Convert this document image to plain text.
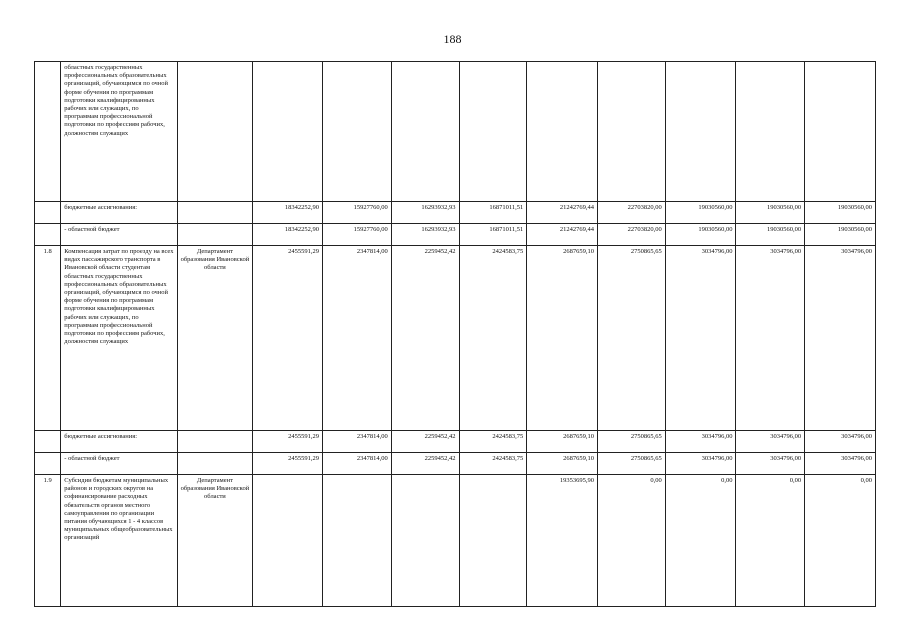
188
	областных государственных профессиональных образовательных организаций, обучающимся по очной форме обучения по программам подготовки квалифицированных рабочих или служащих, по программам профессиональной подготовки по профессиям рабочих, должностям служащих										
	бюджетные ассигнования:		18342252,90	15927760,00	16293932,93	16871011,51	21242769,44	22703820,00	19030560,00	19030560,00	19030560,00
	- областной бюджет		18342252,90	15927760,00	16293932,93	16871011,51	21242769,44	22703820,00	19030560,00	19030560,00	19030560,00
1.8	Компенсация затрат по проезду на всех видах пассажирского транспорта в Ивановской области студентам областных государственных профессиональных образовательных организаций, обучающимся по очной форме обучения по программам подготовки квалифицированных рабочих или служащих, по программам профессиональной подготовки по профессиям рабочих, должностям служащих	Департамент образования Ивановской области	2455591,29	2347814,00	2259452,42	2424583,75	2687659,10	2750865,65	3034796,00	3034796,00	3034796,00
	бюджетные ассигнования:		2455591,29	2347814,00	2259452,42	2424583,75	2687659,10	2750865,65	3034796,00	3034796,00	3034796,00
	- областной бюджет		2455591,29	2347814,00	2259452,42	2424583,75	2687659,10	2750865,65	3034796,00	3034796,00	3034796,00
1.9	Субсидии бюджетам муниципальных районов и городских округов на софинансирование расходных обязательств органов местного самоуправления по организации питания обучающихся 1 - 4 классов муниципальных общеобразовательных организаций	Департамент образования Ивановской области					19353695,90	0,00	0,00	0,00	0,00
